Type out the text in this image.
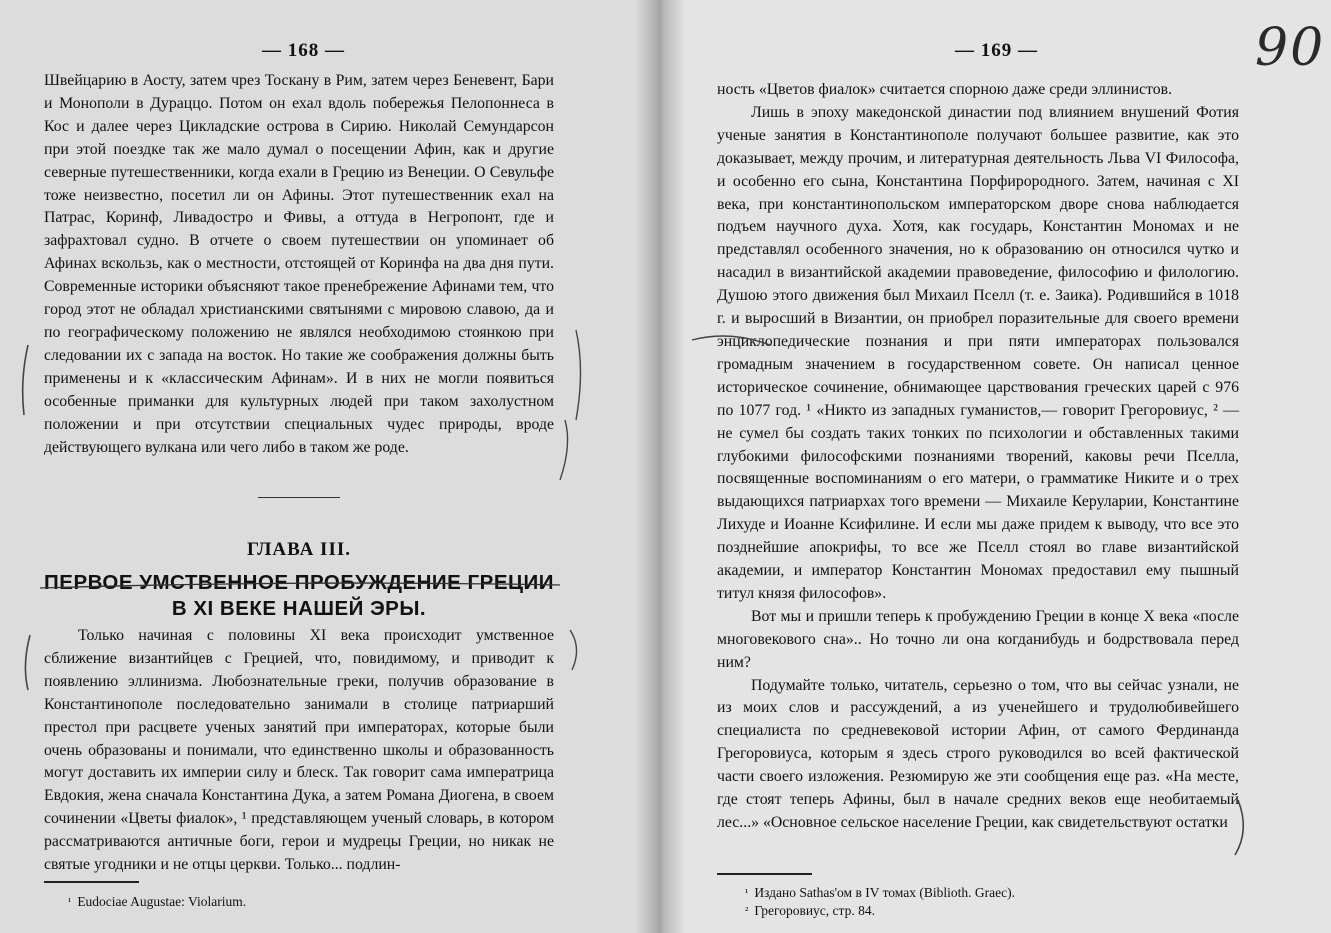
— 168 —

Швейцарию в Аосту, затем чрез Тоскану в Рим, затем через Беневент, Бари и Монополи в Дураццо. Потом он ехал вдоль побережья Пелопоннеса в Кос и далее через Цикладские острова в Сирию. Николай Семундарсон при этой поездке так же мало думал о посещении Афин, как и другие северные путешественники, когда ехали в Грецию из Венеции. О Севульфе тоже неизвестно, посетил ли он Афины. Этот путешественник ехал на Патрас, Коринф, Ливадостро и Фивы, а оттуда в Негропонт, где и зафрахтовал судно. В отчете о своем путешествии он упоминает об Афинах вскользь, как о местности, отстоящей от Коринфа на два дня пути. Современные историки объясняют такое пренебрежение Афинами тем, что город этот не обладал христианскими святынями с мировою славою, да и по географическому положению не являлся необходимою стоянкою при следовании их с запада на восток. Но такие же соображения должны быть применены и к «классическим Афинам». И в них не могли появиться особенные приманки для культурных людей при таком захолустном положении и при отсутствии специальных чудес природы, вроде действующего вулкана или чего либо в таком же роде.

ГЛАВА III.
ПЕРВОЕ УМСТВЕННОЕ ПРОБУЖДЕНИЕ ГРЕЦИИ
В XI ВЕКЕ НАШЕЙ ЭРЫ.

Только начиная с половины XI века происходит умственное сближение византийцев с Грецией, что, повидимому, и приводит к появлению эллинизма. Любознательные греки, получив образование в Константинополе последовательно занимали в столице патриарший престол при расцвете ученых занятий при императорах, которые были очень образованы и понимали, что единственно школы и образованность могут доставить их империи силу и блеск. Так говорит сама императрица Евдокия, жена сначала Константина Дука, а затем Романа Диогена, в своем сочинении «Цветы фиалок», ¹ представляющем ученый словарь, в котором рассматриваются античные боги, герои и мудрецы Греции, но никак не святые угодники и не отцы церкви. Только... подлин-

$^{^1}$ Eudociae Augustae: Violarium.
— 169 —	90

ность «Цветов фиалок» считается спорною даже среди эллинистов.

Лишь в эпоху македонской династии под влиянием внушений Фотия ученые занятия в Константинополе получают большее развитие, как это доказывает, между прочим, и литературная деятельность Льва VI Философа, и особенно его сына, Константина Порфирородного. Затем, начиная с XI века, при константинопольском императорском дворе снова наблюдается подъем научного духа. Хотя, как государь, Константин Мономах и не представлял особенного значения, но к образованию он относился чутко и насадил в византийской академии правоведение, философию и филологию. Душою этого движения был Михаил Пселл (т. е. Заика). Родившийся в 1018 г. и выросший в Византии, он приобрел поразительные для своего времени энциклопедические познания и при пяти императорах пользовался громадным значением в государственном совете. Он написал ценное историческое сочинение, обнимающее царствования греческих царей с 976 по 1077 год. ¹ «Никто из западных гуманистов,— говорит Грегоровиус, ² — не сумел бы создать таких тонких по психологии и обставленных такими глубокими философскими познаниями творений, каковы речи Пселла, посвященные воспоминаниям о его матери, о грамматике Никите и о трех выдающихся патриархах того времени — Михаиле Керуларии, Константине Лихуде и Иоанне Ксифилине. И если мы даже придем к выводу, что все это позднейшие апокрифы, то все же Пселл стоял во главе византийской академии, и император Константин Мономах предоставил ему пышный титул князя философов».

Вот мы и пришли теперь к пробуждению Греции в конце X века «после многовекового сна».. Но точно ли она когданибудь и бодрствовала перед ним?

Подумайте только, читатель, серьезно о том, что вы сейчас узнали, не из моих слов и рассуждений, а из ученейшего и трудолюбивейшего специалиста по средневековой истории Афин, от самого Фердинанда Грегоровиуса, которым я здесь строго руководился во всей фактической части своего изложения. Резюмирую же эти сообщения еще раз. «На месте, где стоят теперь Афины, был в начале средних веков еще необитаемый лес...» «Основное сельское население Греции, как свидетельствуют остатки

$^{^1}$ Издано Sathas'ом в IV томах (Biblioth. Graec).
$^{^2}$ Грегоровиус, стр. 84.
